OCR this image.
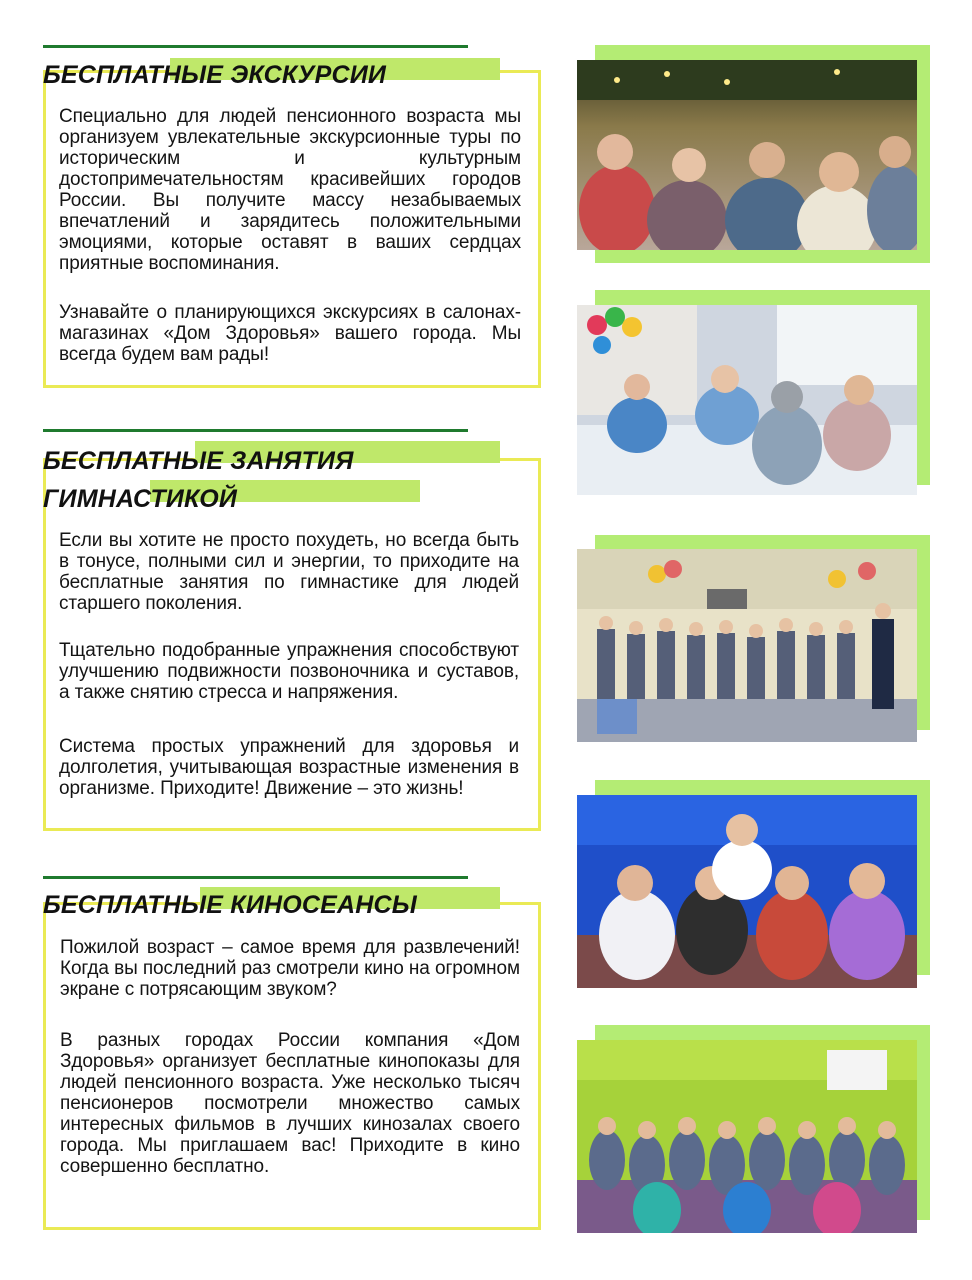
БЕСПЛАТНЫЕ ЭКСКУРСИИ

Специально для людей пенсионного возраста мы организуем увлекательные экскурсионные туры по историческим и культурным достопримечательностям красивейших городов России. Вы получите массу незабываемых впечатлений и зарядитесь положительными эмоциями, которые оставят в ваших сердцах приятные воспоминания.

Узнавайте о планирующихся экскурсиях в салонах-магазинах «Дом Здоровья» вашего города. Мы всегда будем вам рады!

БЕСПЛАТНЫЕ ЗАНЯТИЯ
ГИМНАСТИКОЙ

Если вы хотите не просто похудеть, но всегда быть в тонусе, полными сил и энергии, то приходите на бесплатные занятия по гимнастике для людей старшего поколения.

Тщательно подобранные упражнения способствуют улучшению подвижности позвоночника и суставов, а также снятию стресса и напряжения.

Система простых упражнений для здоровья и долголетия, учитывающая возрастные изменения в организме. Приходите! Движение – это жизнь!

БЕСПЛАТНЫЕ КИНОСЕАНСЫ

Пожилой возраст – самое время для развлечений! Когда вы последний раз смотрели кино на огромном экране с потрясающим звуком?

В разных городах России компания «Дом Здоровья» организует бесплатные кинопоказы для людей пенсионного возраста. Уже несколько тысяч пенсионеров посмотрели множество самых интересных фильмов в лучших кинозалах своего города. Мы приглашаем вас! Приходите в кино совершенно бесплатно.
